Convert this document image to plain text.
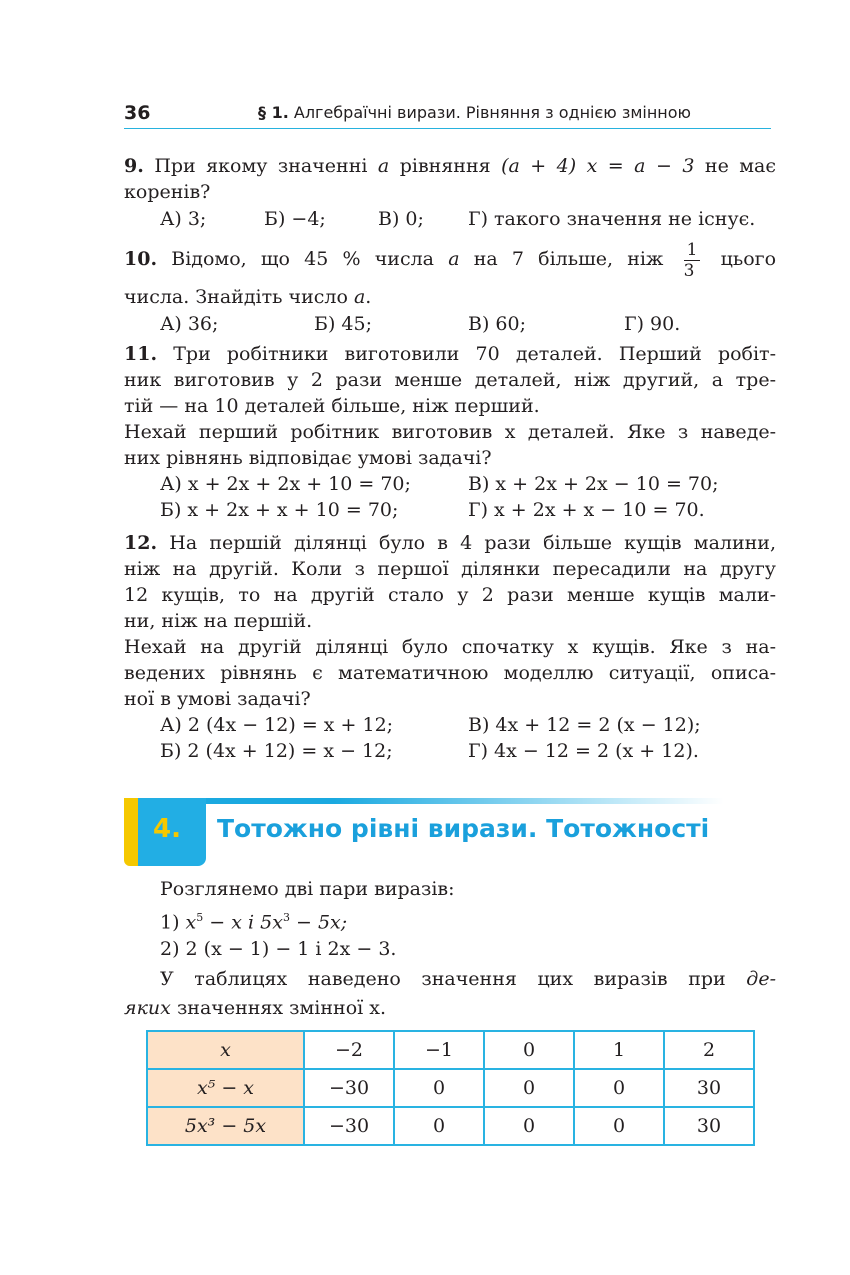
36	§ 1. Алгебраїчні вирази. Рівняння з однією змінною
9. При якому значенні a рівняння (a + 4) x = a − 3 не має
коренів?
А) 3;	Б) −4;	В) 0; Г) такого значення не існує.
10. Відомо, що 45 % числа a на 7 більше, ніж $\frac{1}{3}$ цього
числа. Знайдіть число a.
А) 36;	Б) 45;	В) 60;	Г) 90.
11. Три робітники виготовили 70 деталей. Перший робіт-
ник виготовив у 2 рази менше деталей, ніж другий, а тре-
тій — на 10 деталей більше, ніж перший.
Нехай перший робітник виготовив x деталей. Яке з наведе-
них рівнянь відповідає умові задачі?
А) x + 2x + 2x + 10 = 70;	В) x + 2x + 2x − 10 = 70;
Б) x + 2x + x + 10 = 70;	Г) x + 2x + x − 10 = 70.
12. На першій ділянці було в 4 рази більше кущів малини,
ніж на другій. Коли з першої ділянки пересадили на другу
12 кущів, то на другій стало у 2 рази менше кущів мали-
ни, ніж на першій.
Нехай на другій ділянці було спочатку x кущів. Яке з на-
ведених рівнянь є математичною моделлю ситуації, описа-
ної в умові задачі?
А) 2 (4x − 12) = x + 12;	В) 4x + 12 = 2 (x − 12);
Б) 2 (4x + 12) = x − 12;	Г) 4x − 12 = 2 (x + 12).
4.	Тотожно рівні вирази. Тотожності
Розглянемо дві пари виразів:
1) $x^5 - x$ і $5x^3 - 5x$;
2) 2 (x − 1) − 1 і 2x − 3.
У таблицях наведено значення цих виразів при де-
яких значеннях змінної x.
x	−2	−1	0	1	2
x⁵ − x	−30	0	0	0	30
5x³ − 5x	−30	0	0	0	30
